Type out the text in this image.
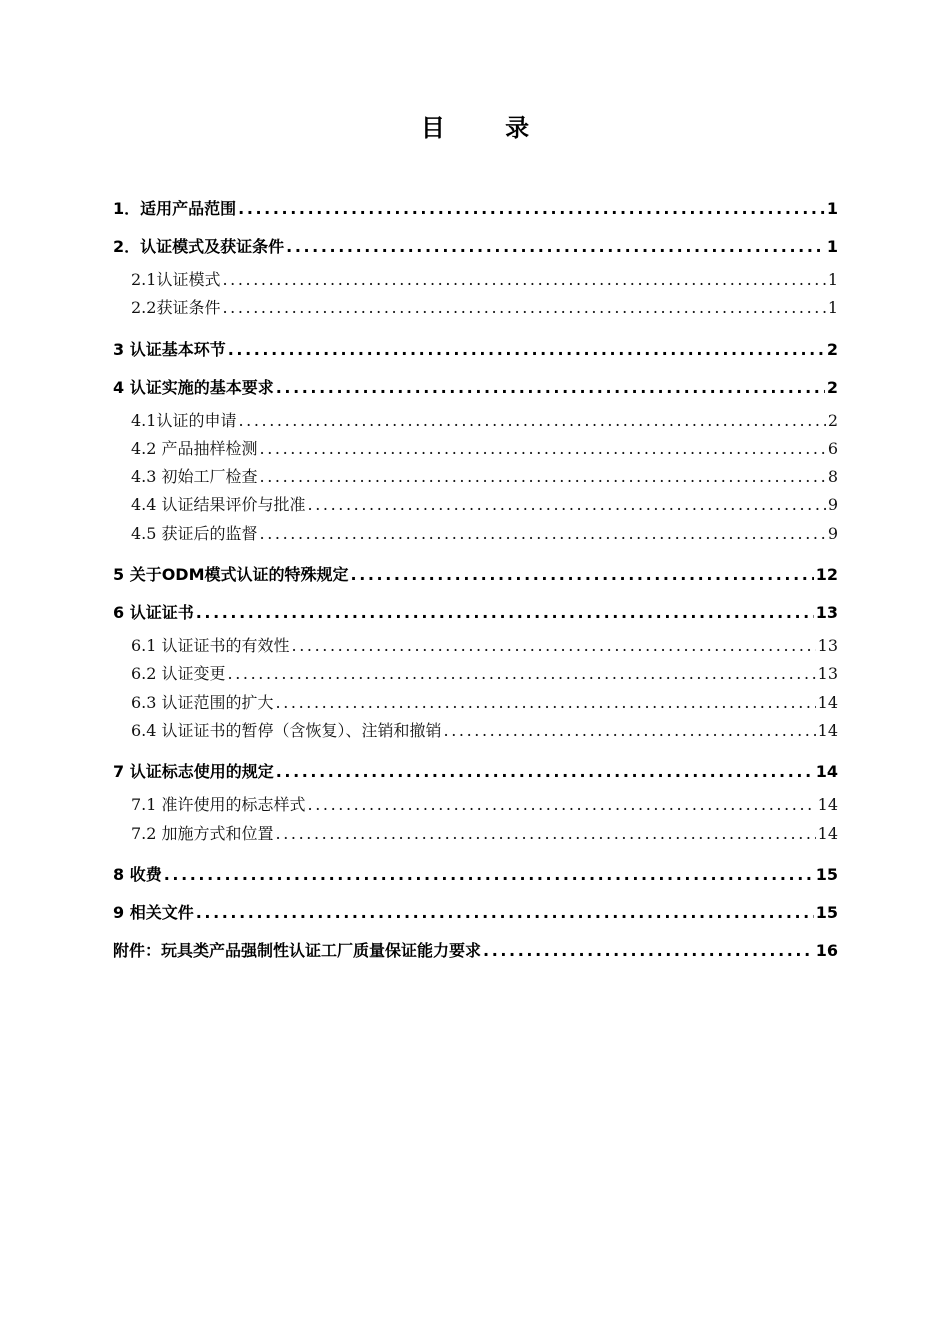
目 录
1．适用产品范围 .....	1
2．认证模式及获证条件 .....	1
2.1认证模式 .....	1
2.2获证条件 .....	1
3 认证基本环节 .....	2
4 认证实施的基本要求 .....	2
4.1认证的申请 .....	2
4.2 产品抽样检测 .....	6
4.3 初始工厂检查 .....	8
4.4 认证结果评价与批准 .....	9
4.5 获证后的监督 .....	9
5 关于ODM模式认证的特殊规定 .....	12
6 认证证书 .....	13
6.1 认证证书的有效性 .....	13
6.2 认证变更 .....	13
6.3 认证范围的扩大 .....	14
6.4 认证证书的暂停（含恢复）、注销和撤销 .....	14
7 认证标志使用的规定 .....	14
7.1 准许使用的标志样式 .....	14
7.2 加施方式和位置 .....	14
8 收费 .....	15
9 相关文件 .....	15
附件：玩具类产品强制性认证工厂质量保证能力要求 .....	16
